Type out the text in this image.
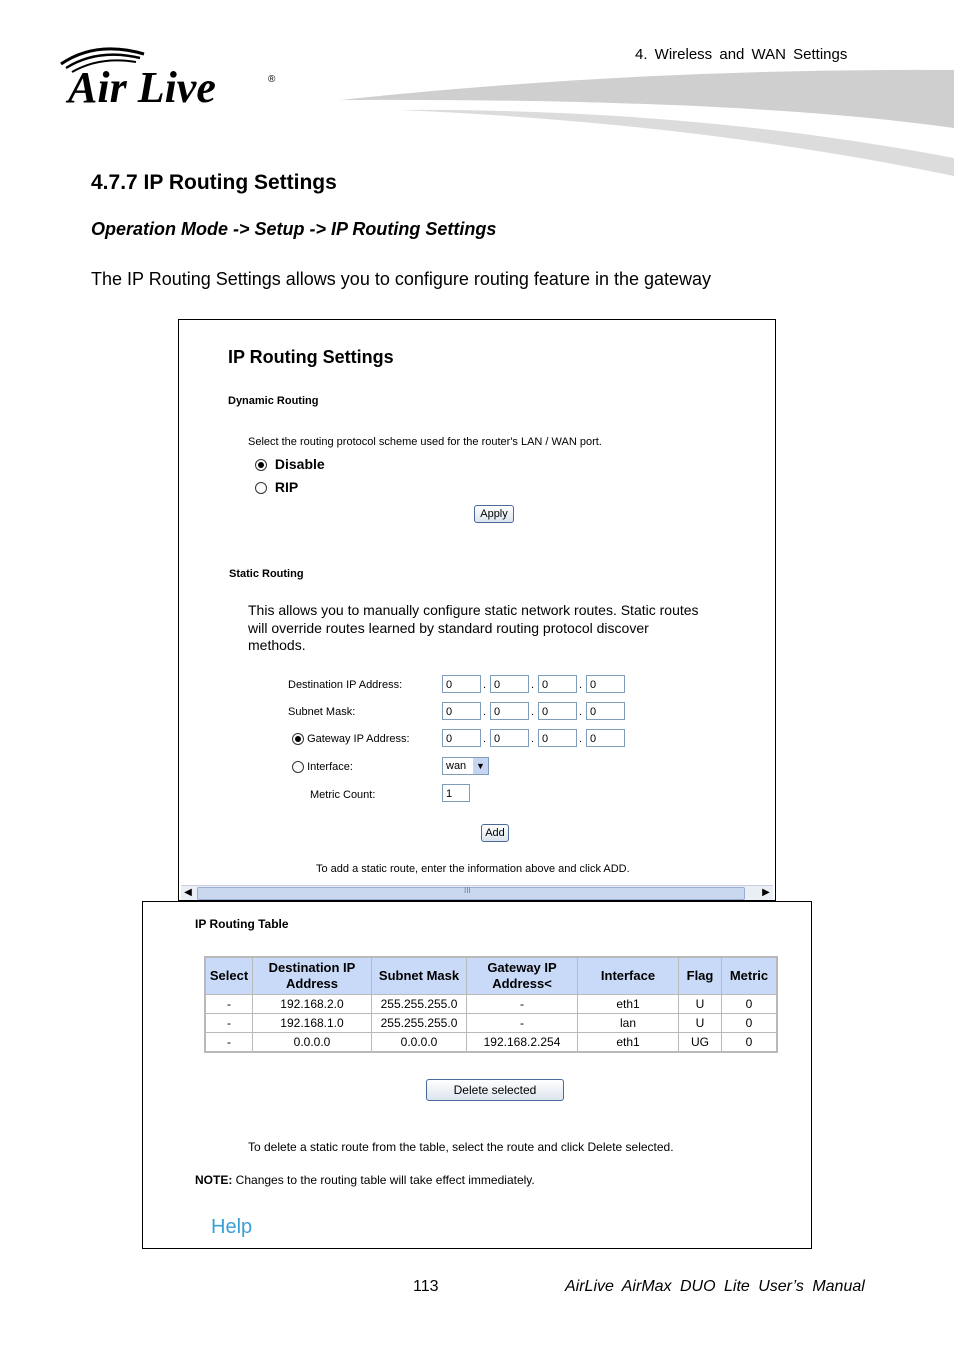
4. Wireless and WAN Settings
Air Live	®
4.7.7 IP Routing Settings
Operation Mode -> Setup -> IP Routing Settings
The IP Routing Settings allows you to configure routing feature in the gateway
IP Routing Settings
Dynamic Routing
Select the routing protocol scheme used for the router's LAN / WAN port.
Disable
RIP
Apply
Static Routing
This allows you to manually configure static network routes. Static routes
will override routes learned by standard routing protocol discover
methods.
Destination IP Address:	0	. 0	. 0	. 0
Subnet Mask:	0	. 0	. 0	. 0
Gateway IP Address:	0	. 0	. 0	. 0
Interface:	wan	▼
Metric Count:	1
Add
To add a static route, enter the information above and click ADD.
◀	III	▶
IP Routing Table
Select	Destination IP Address	Subnet Mask	Gateway IP Address<	Interface	Flag	Metric
-	192.168.2.0	255.255.255.0	-	eth1	U	0
-	192.168.1.0	255.255.255.0	-	lan	U	0
-	0.0.0.0	0.0.0.0	192.168.2.254	eth1	UG	0
Delete selected
To delete a static route from the table, select the route and click Delete selected.
NOTE: Changes to the routing table will take effect immediately.
Help
113	AirLive AirMax DUO Lite User’s Manual
